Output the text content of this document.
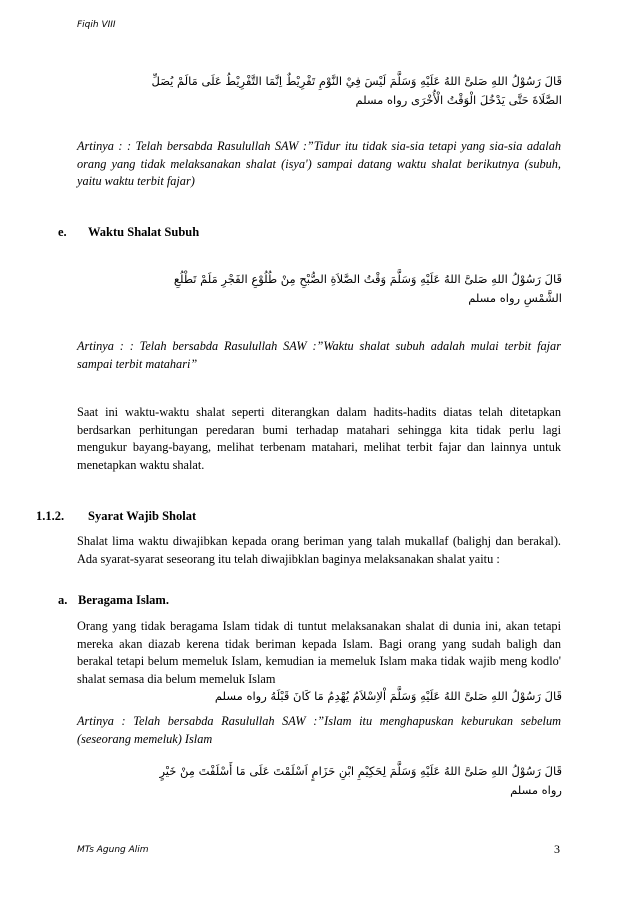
Fiqih VIII
قَالَ رَسُوْلُ اللهِ صَلىَّ اللهُ عَلَيْهِ وَسَلَّمَ لَيْسَ فِيْ النَّوْمِ تَفْرِيْطٌ اِنَّمَا التَّفْرِيْطُ عَلَى مَالَمْ يُصَلِّ الصَّلَاةَ حَتَّى يَدْخُلَ الْوَقْتُ الْأُخْرَى رواه مسلم
Artinya : : Telah bersabda Rasulullah SAW :”Tidur itu tidak sia-sia tetapi yang sia-sia adalah orang yang tidak melaksanakan shalat (isya') sampai datang waktu shalat berikutnya (subuh, yaitu waktu terbit fajar)
e. Waktu Shalat Subuh
قَالَ رَسُوْلُ اللهِ صَلىَّ اللهُ عَلَيْهِ وَسَلَّمَ وَقْتُ الصَّلاَةِ الصُّبْحِ مِنْ طُلُوْعِ الفَجْرِ مَلَمْ تَطْلُعِ الشَّمْسِ رواه مسلم
Artinya : : Telah bersabda Rasulullah SAW :”Waktu shalat subuh adalah mulai terbit fajar sampai terbit matahari”
Saat ini waktu-waktu shalat seperti diterangkan dalam hadits-hadits diatas telah ditetapkan berdsarkan perhitungan peredaran bumi terhadap matahari sehingga kita tidak perlu lagi mengukur bayang-bayang, melihat terbenam matahari, melihat terbit fajar dan lainnya untuk menetapkan waktu shalat.
1.1.2. Syarat Wajib Sholat
Shalat lima waktu diwajibkan kepada orang beriman yang talah mukallaf (balighj dan berakal). Ada syarat-syarat seseorang itu telah diwajibklan baginya melaksanakan shalat yaitu :
a. Beragama Islam.
Orang yang tidak beragama Islam tidak di tuntut melaksanakan shalat di dunia ini, akan tetapi mereka akan diazab kerena tidak beriman kepada Islam. Bagi orang yang sudah baligh dan berakal tetapi belum memeluk Islam, kemudian ia memeluk Islam maka tidak wajib meng kodlo' shalat semasa dia belum memeluk Islam
قَالَ رَسُوْلُ اللهِ صَلىَّ اللهُ عَلَيْهِ وَسَلَّمَ اْلاِسْلاَمُ يُهْدِمُ مَا كَانَ قَبْلَهُ رواه مسلم
Artinya : Telah bersabda Rasulullah SAW :”Islam itu menghapuskan keburukan sebelum (seseorang memeluk) Islam
قَالَ رَسُوْلُ اللهِ صَلىَّ اللهُ عَلَيْهِ وَسَلَّمَ لِحَكِيْمِ ابْنِ حَزَامٍ اَسْلَمْتَ عَلَى مَا أَسْلَفْتَ مِنْ خَيْرٍ رواه مسلم
MTs Agung Alim	3
